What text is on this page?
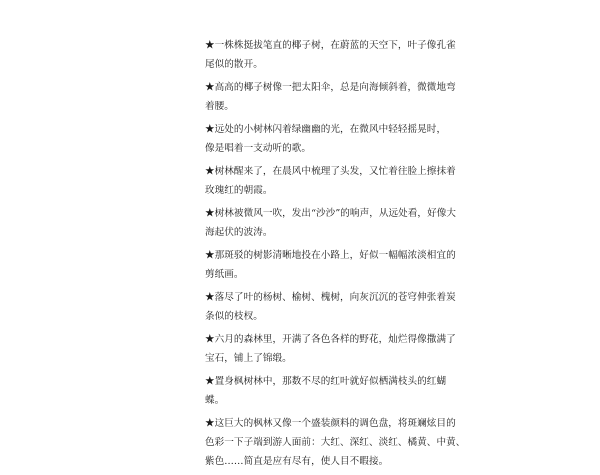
★一株株挺拔笔直的椰子树，在蔚蓝的天空下，叶子像孔雀
尾似的散开。
★高高的椰子树像一把太阳伞，总是向海倾斜着，微微地弯
着腰。
★远处的小树林闪着绿幽幽的光，在微风中轻轻摇晃时，
像是唱着一支动听的歌。
★树林醒来了，在晨风中梳理了头发，又忙着往脸上擦抹着
玫瑰红的朝霞。
★树林被微风一吹，发出“沙沙”的响声，从远处看，好像大
海起伏的波涛。
★那斑驳的树影清晰地投在小路上，好似一幅幅浓淡相宜的
剪纸画。
★落尽了叶的杨树、榆树、槐树，向灰沉沉的苍穹伸张着炭
条似的枝杈。
★六月的森林里，开满了各色各样的野花，灿烂得像撒满了
宝石，铺上了锦缎。
★置身枫树林中，那数不尽的红叶就好似栖满枝头的红蝴
蝶。
★这巨大的枫林又像一个盛装颜料的调色盘，将斑斓炫目的
色彩一下子端到游人面前：大红、深红、淡红、橘黄、中黄、
紫色……简直是应有尽有，使人目不暇接。
